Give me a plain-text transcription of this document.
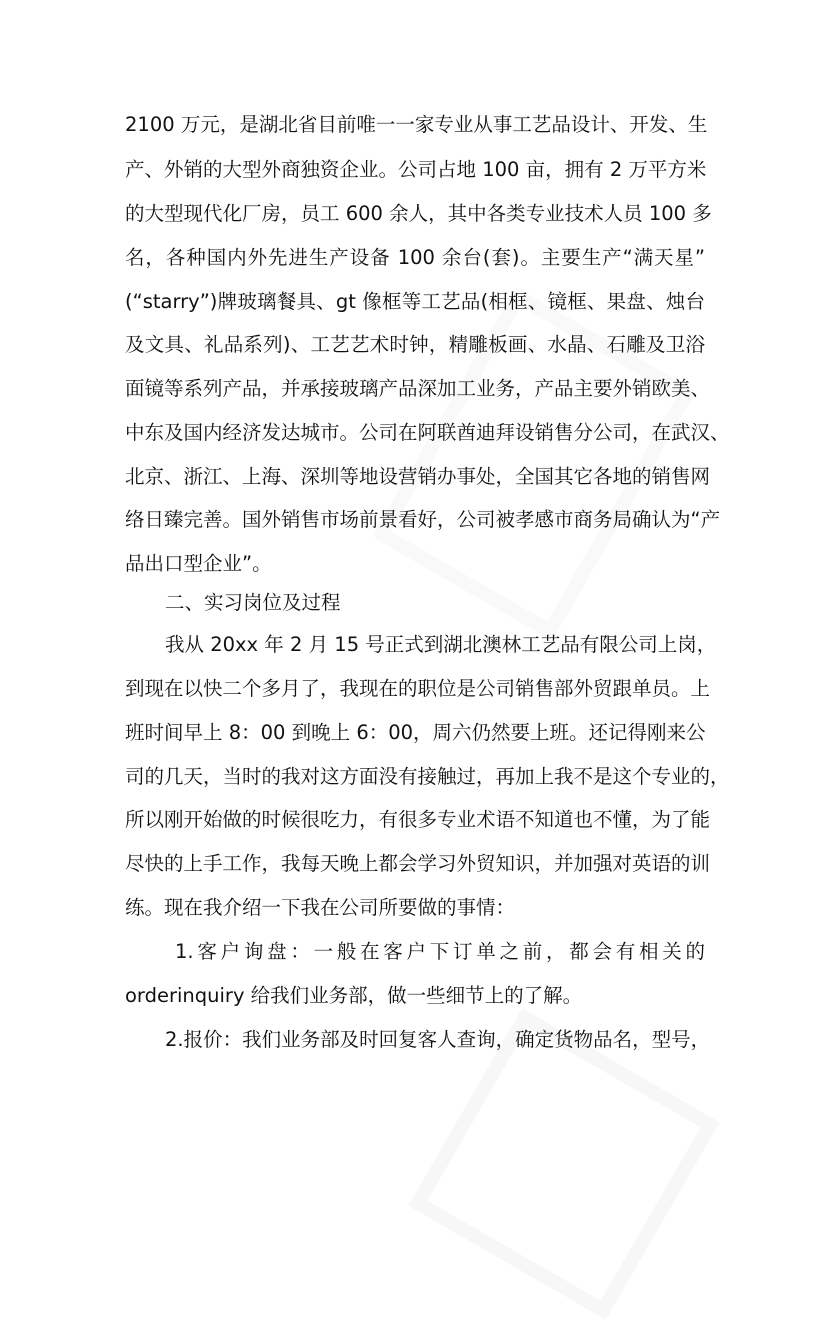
2100 万元，是湖北省目前唯一一家专业从事工艺品设计、开发、生
产、外销的大型外商独资企业。公司占地 100 亩，拥有 2 万平方米
的大型现代化厂房，员工 600 余人，其中各类专业技术人员 100 多
名，各种国内外先进生产设备 100 余台(套)。主要生产“满天星”
(“starry”)牌玻璃餐具、gt 像框等工艺品(相框、镜框、果盘、烛台
及文具、礼品系列)、工艺艺术时钟，精雕板画、水晶、石雕及卫浴
面镜等系列产品，并承接玻璃产品深加工业务，产品主要外销欧美、
中东及国内经济发达城市。公司在阿联酋迪拜设销售分公司，在武汉、
北京、浙江、上海、深圳等地设营销办事处，全国其它各地的销售网
络日臻完善。国外销售市场前景看好，公司被孝感市商务局确认为“产
品出口型企业”。
二、实习岗位及过程
我从 20xx 年 2 月 15 号正式到湖北澳林工艺品有限公司上岗，
到现在以快二个多月了，我现在的职位是公司销售部外贸跟单员。上
班时间早上 8：00 到晚上 6：00，周六仍然要上班。还记得刚来公
司的几天，当时的我对这方面没有接触过，再加上我不是这个专业的，
所以刚开始做的时候很吃力，有很多专业术语不知道也不懂，为了能
尽快的上手工作，我每天晚上都会学习外贸知识，并加强对英语的训
练。现在我介绍一下我在公司所要做的事情：
1.客户询盘：一般在客户下订单之前，都会有相关的
orderinquiry 给我们业务部，做一些细节上的了解。
2.报价：我们业务部及时回复客人查询，确定货物品名，型号，
